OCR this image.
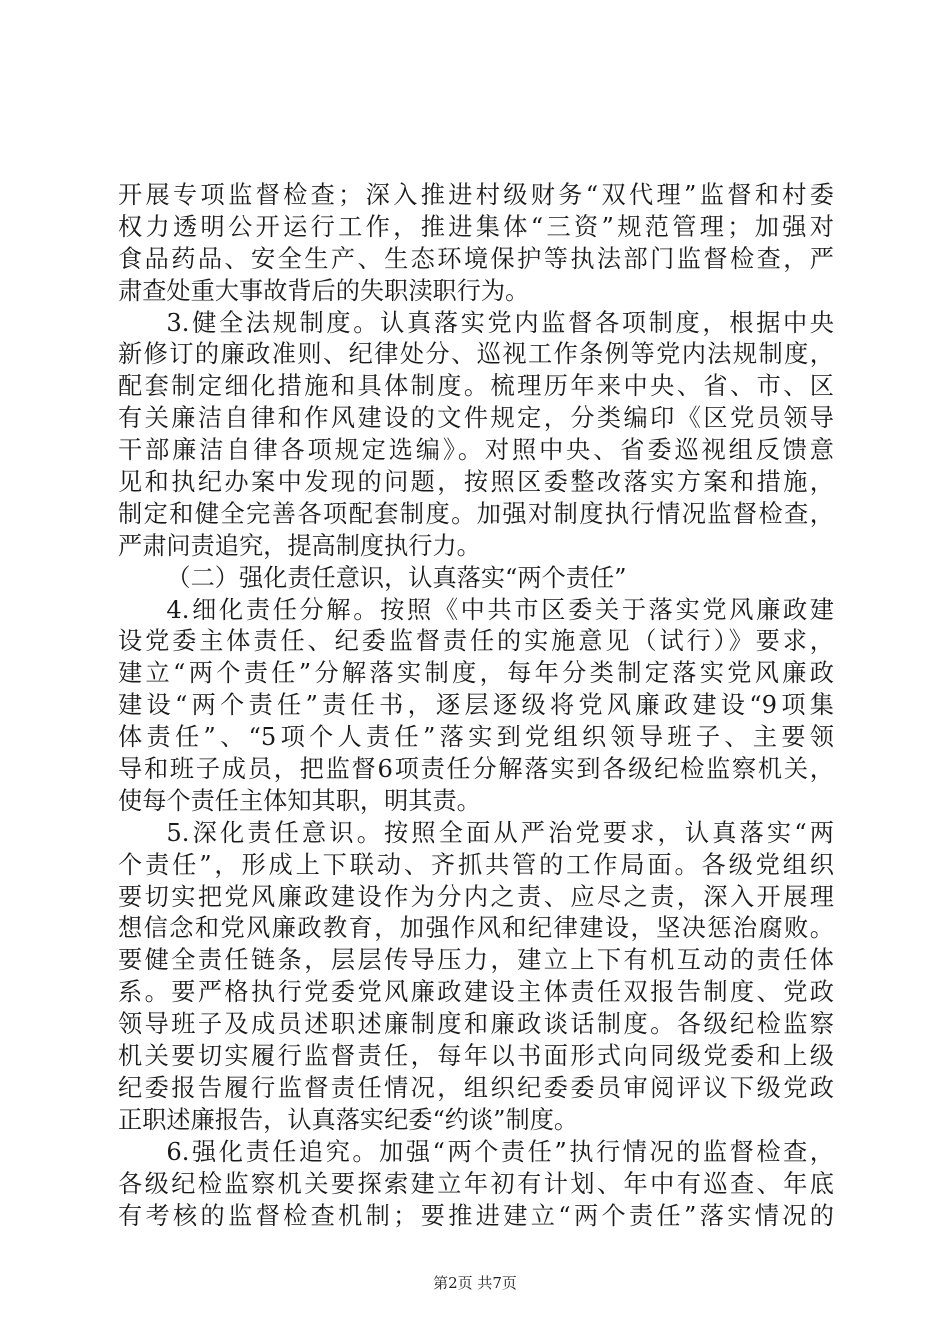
开展专项监督检查；深入推进村级财务“双代理”监督和村委
权力透明公开运行工作，推进集体“三资”规范管理；加强对
食品药品、安全生产、生态环境保护等执法部门监督检查，严
肃查处重大事故背后的失职渎职行为。
3.健全法规制度。认真落实党内监督各项制度，根据中央
新修订的廉政准则、纪律处分、巡视工作条例等党内法规制度，
配套制定细化措施和具体制度。梳理历年来中央、省、市、区
有关廉洁自律和作风建设的文件规定，分类编印《区党员领导
干部廉洁自律各项规定选编》。对照中央、省委巡视组反馈意
见和执纪办案中发现的问题，按照区委整改落实方案和措施，
制定和健全完善各项配套制度。加强对制度执行情况监督检查，
严肃问责追究，提高制度执行力。
（二）强化责任意识，认真落实“两个责任”
4.细化责任分解。按照《中共市区委关于落实党风廉政建
设党委主体责任、纪委监督责任的实施意见（试行）》要求，
建立“两个责任”分解落实制度，每年分类制定落实党风廉政
建设“两个责任”责任书，逐层逐级将党风廉政建设“9项集
体责任”、“5项个人责任”落实到党组织领导班子、主要领
导和班子成员，把监督6项责任分解落实到各级纪检监察机关，
使每个责任主体知其职，明其责。
5.深化责任意识。按照全面从严治党要求，认真落实“两
个责任”，形成上下联动、齐抓共管的工作局面。各级党组织
要切实把党风廉政建设作为分内之责、应尽之责，深入开展理
想信念和党风廉政教育，加强作风和纪律建设，坚决惩治腐败。
要健全责任链条，层层传导压力，建立上下有机互动的责任体
系。要严格执行党委党风廉政建设主体责任双报告制度、党政
领导班子及成员述职述廉制度和廉政谈话制度。各级纪检监察
机关要切实履行监督责任，每年以书面形式向同级党委和上级
纪委报告履行监督责任情况，组织纪委委员审阅评议下级党政
正职述廉报告，认真落实纪委“约谈”制度。
6.强化责任追究。加强“两个责任”执行情况的监督检查，
各级纪检监察机关要探索建立年初有计划、年中有巡查、年底
有考核的监督检查机制；要推进建立“两个责任”落实情况的
第2页 共7页
